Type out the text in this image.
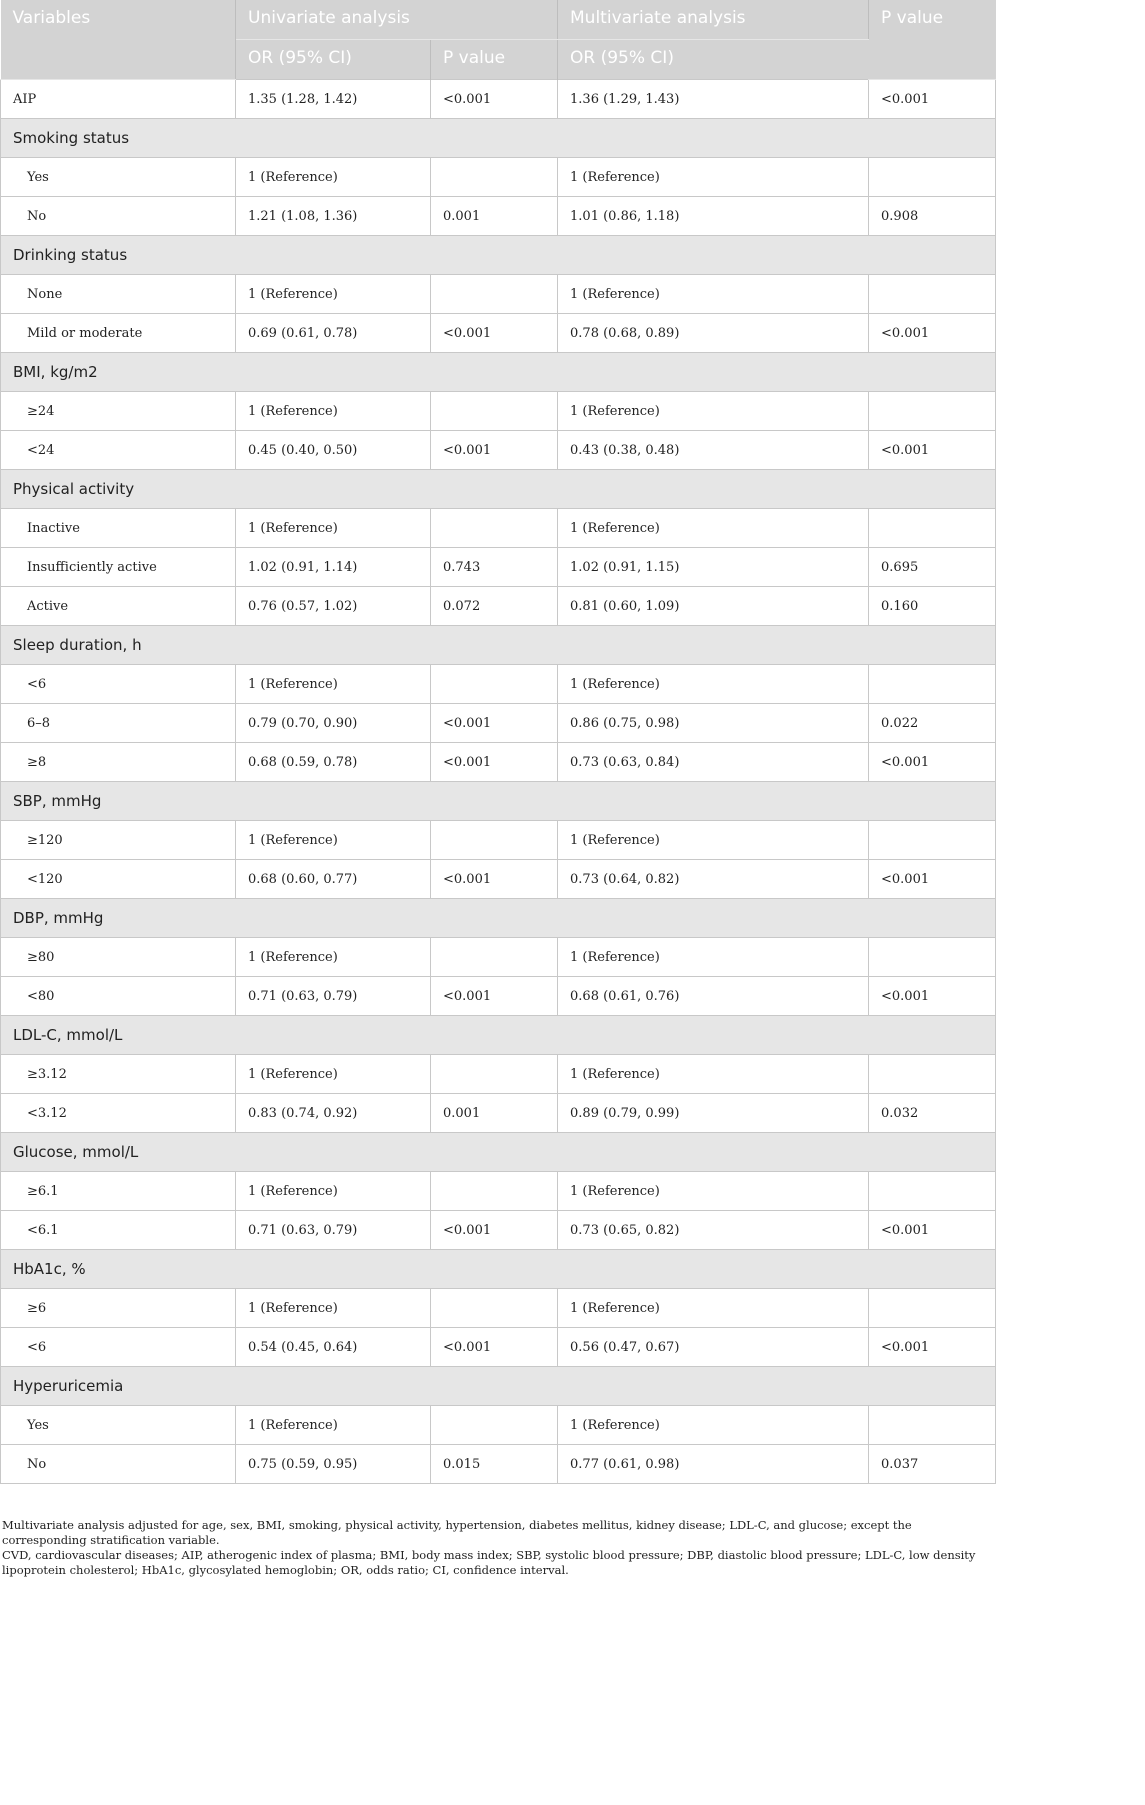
Variables	Univariate analysis		Multivariate analysis	P value
	OR (95% CI)	P value	OR (95% CI)	
AIP	1.35 (1.28, 1.42)	<0.001	1.36 (1.29, 1.43)	<0.001
Smoking status				
Yes	1 (Reference)		1 (Reference)	
No	1.21 (1.08, 1.36)	0.001	1.01 (0.86, 1.18)	0.908
Drinking status				
None	1 (Reference)		1 (Reference)	
Mild or moderate	0.69 (0.61, 0.78)	<0.001	0.78 (0.68, 0.89)	<0.001
BMI, kg/m2				
≥24	1 (Reference)		1 (Reference)	
<24	0.45 (0.40, 0.50)	<0.001	0.43 (0.38, 0.48)	<0.001
Physical activity				
Inactive	1 (Reference)		1 (Reference)	
Insufficiently active	1.02 (0.91, 1.14)	0.743	1.02 (0.91, 1.15)	0.695
Active	0.76 (0.57, 1.02)	0.072	0.81 (0.60, 1.09)	0.160
Sleep duration, h				
<6	1 (Reference)		1 (Reference)	
6–8	0.79 (0.70, 0.90)	<0.001	0.86 (0.75, 0.98)	0.022
≥8	0.68 (0.59, 0.78)	<0.001	0.73 (0.63, 0.84)	<0.001
SBP, mmHg				
≥120	1 (Reference)		1 (Reference)	
<120	0.68 (0.60, 0.77)	<0.001	0.73 (0.64, 0.82)	<0.001
DBP, mmHg				
≥80	1 (Reference)		1 (Reference)	
<80	0.71 (0.63, 0.79)	<0.001	0.68 (0.61, 0.76)	<0.001
LDL-C, mmol/L				
≥3.12	1 (Reference)		1 (Reference)	
<3.12	0.83 (0.74, 0.92)	0.001	0.89 (0.79, 0.99)	0.032
Glucose, mmol/L				
≥6.1	1 (Reference)		1 (Reference)	
<6.1	0.71 (0.63, 0.79)	<0.001	0.73 (0.65, 0.82)	<0.001
HbA1c, %				
≥6	1 (Reference)		1 (Reference)	
<6	0.54 (0.45, 0.64)	<0.001	0.56 (0.47, 0.67)	<0.001
Hyperuricemia				
Yes	1 (Reference)		1 (Reference)	
No	0.75 (0.59, 0.95)	0.015	0.77 (0.61, 0.98)	0.037

Multivariate analysis adjusted for age, sex, BMI, smoking, physical activity, hypertension, diabetes mellitus, kidney disease; LDL-C, and glucose; except the corresponding stratification variable.

CVD, cardiovascular diseases; AIP, atherogenic index of plasma; BMI, body mass index; SBP, systolic blood pressure; DBP, diastolic blood pressure; LDL-C, low density lipoprotein cholesterol; HbA1c, glycosylated hemoglobin; OR, odds ratio; CI, confidence interval.
